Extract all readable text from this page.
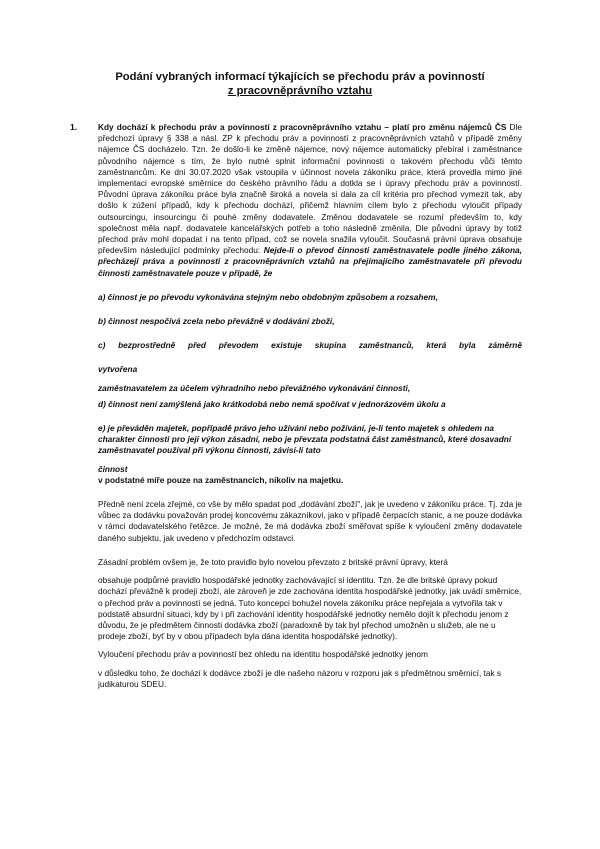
Podání vybraných informací týkajících se přechodu práv a povinností
z pracovněprávního vztahu
1.	Kdy dochází k přechodu práv a povinností z pracovněprávního vztahu – platí pro změnu nájemců ČS Dle předchozí úpravy § 338 a násl. ZP k přechodu práv a povinností z pracovněprávních vztahů v případě změny nájemce ČS docházelo. Tzn. že došlo-li ke změně nájemce, nový nájemce automaticky přebíral i zaměstnance původního nájemce s tím, že bylo nutné splnit informační povinnosti o takovém přechodu vůči těmto zaměstnancům. Ke dni 30.07.2020 však vstoupila v účinnost novela zákoníku práce, která provedla mimo jiné implementaci evropské směrnice do českého právního řádu a dotkla se i úpravy přechodu práv a povinností. Původní úprava zákoníku práce byla značně široká a novela si dala za cíl kritéria pro přechod vymezit tak, aby došlo k zúžení případů, kdy k přechodu dochází, přičemž hlavním cílem bylo z přechodu vyloučit případy outsourcingu, insourcingu či pouhé změny dodavatele. Změnou dodavatele se rozumí především to, kdy společnost měla např. dodavatele kancelářských potřeb a toho následně změnila. Dle původní úpravy by totiž přechod práv mohl dopadat i na tento případ, což se novela snažila vyloučit. Současná právní úprava obsahuje především následující podmínky přechodu: Nejde-li o převod činnosti zaměstnavatele podle jiného zákona, přecházejí práva a povinnosti z pracovněprávních vztahů na přejímajícího zaměstnavatele při převodu činnosti zaměstnavatele pouze v případě, že

a) činnost je po převodu vykonávána stejným nebo obdobným způsobem a rozsahem,

b) činnost nespočívá zcela nebo převážně v dodávání zboží,

c) bezprostředně před převodem existuje skupina zaměstnanců, která byla záměrně

vytvořena

zaměstnavatelem za účelem výhradního nebo převážného vykonávání činnosti,

d) činnost není zamýšlená jako krátkodobá nebo nemá spočívat v jednorázovém úkolu a

e) je převáděn majetek, popřípadě právo jeho užívání nebo požívání, je-li tento majetek s ohledem na charakter činnosti pro její výkon zásadní, nebo je převzata podstatná část zaměstnanců, které dosavadní zaměstnavatel používal při výkonu činnosti, závisí-li tato

činnost

v podstatné míře pouze na zaměstnancích, nikoliv na majetku.

Předně není zcela zřejmé, co vše by mělo spadat pod „dodávání zboží", jak je uvedeno v zákoníku práce. Tj. zda je vůbec za dodávku považován prodej koncovému zákazníkovi, jako v případě čerpacích stanic, a ne pouze dodávka v rámci dodavatelského řetězce. Je možné, že má dodávka zboží směřovat spíše k vyloučení změny dodavatele daného subjektu, jak uvedeno v předchozím odstavci.

Zásadní problém ovšem je, že toto pravidlo bylo novelou převzato z britské právní úpravy, která

obsahuje podpůrné pravidlo hospodářské jednotky zachovávající si identitu. Tzn. že dle britské úpravy pokud dochází převážně k prodeji zboží, ale zároveň je zde zachována identita hospodářské jednotky, jak uvádí směrnice, o přechod práv a povinností se jedná. Tuto koncepci bohužel novela zákoníku práce nepřejala a vytvořila tak v podstatě absurdní situaci, kdy by i při zachování identity hospodářské jednotky nemělo dojít k přechodu jenom z důvodu, že je předmětem činnosti dodávka zboží (paradoxně by tak byl přechod umožněn u služeb, ale ne u prodeje zboží, byť by v obou případech byla dána identita hospodářské jednotky).

Vyloučení přechodu práv a povinností bez ohledu na identitu hospodářské jednotky jenom

v důsledku toho, že dochází k dodávce zboží je dle našeho názoru v rozporu jak s předmětnou směrnicí, tak s judikaturou SDEU.
